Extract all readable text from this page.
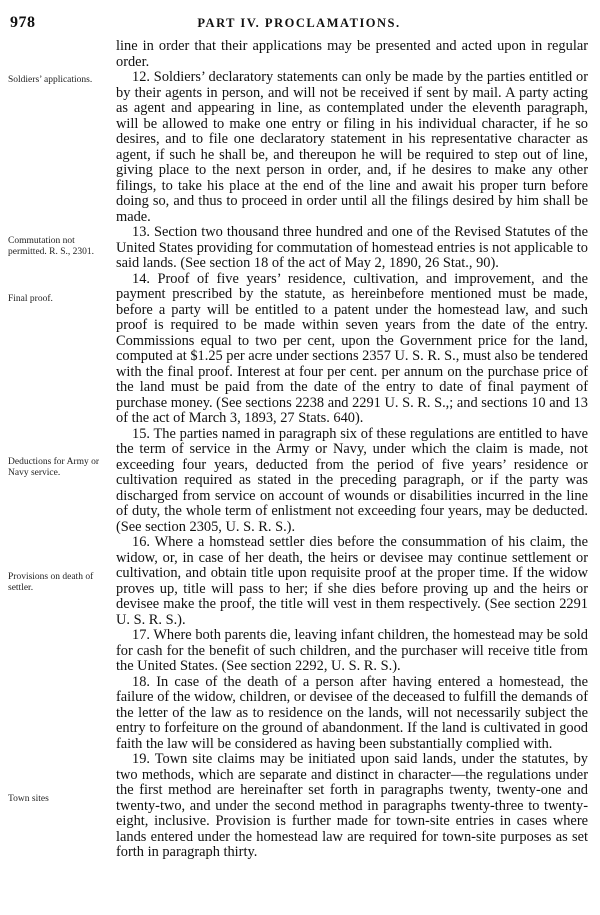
978	PART IV. PROCLAMATIONS.
Soldiers’ applications.
Commutation not permitted. R. S., 2301.
Final proof.
Deductions for Army or Navy service.
Provisions on death of settler.
Town sites

line in order that their applications may be presented and acted upon in regular order.

12. Soldiers’ declaratory statements can only be made by the parties entitled or by their agents in person, and will not be received if sent by mail. A party acting as agent and appearing in line, as contemplated under the eleventh paragraph, will be allowed to make one entry or filing in his individual character, if he so desires, and to file one declaratory statement in his representative character as agent, if such he shall be, and thereupon he will be required to step out of line, giving place to the next person in order, and, if he desires to make any other filings, to take his place at the end of the line and await his proper turn before doing so, and thus to proceed in order until all the filings desired by him shall be made.

13. Section two thousand three hundred and one of the Revised Statutes of the United States providing for commutation of homestead entries is not applicable to said lands. (See section 18 of the act of May 2, 1890, 26 Stat., 90).

14. Proof of five years’ residence, cultivation, and improvement, and the payment prescribed by the statute, as hereinbefore mentioned must be made, before a party will be entitled to a patent under the homestead law, and such proof is required to be made within seven years from the date of the entry. Commissions equal to two per cent, upon the Government price for the land, computed at $1.25 per acre under sections 2357 U. S. R. S., must also be tendered with the final proof. Interest at four per cent. per annum on the purchase price of the land must be paid from the date of the entry to date of final payment of purchase money. (See sections 2238 and 2291 U. S. R. S.,; and sections 10 and 13 of the act of March 3, 1893, 27 Stats. 640).

15. The parties named in paragraph six of these regulations are entitled to have the term of service in the Army or Navy, under which the claim is made, not exceeding four years, deducted from the period of five years’ residence or cultivation required as stated in the preceding paragraph, or if the party was discharged from service on account of wounds or disabilities incurred in the line of duty, the whole term of enlistment not exceeding four years, may be deducted. (See section 2305, U. S. R. S.).

16. Where a homstead settler dies before the consummation of his claim, the widow, or, in case of her death, the heirs or devisee may continue settlement or cultivation, and obtain title upon requisite proof at the proper time. If the widow proves up, title will pass to her; if she dies before proving up and the heirs or devisee make the proof, the title will vest in them respectively. (See section 2291 U. S. R. S.).

17. Where both parents die, leaving infant children, the homestead may be sold for cash for the benefit of such children, and the purchaser will receive title from the United States. (See section 2292, U. S. R. S.).

18. In case of the death of a person after having entered a homestead, the failure of the widow, children, or devisee of the deceased to fulfill the demands of the letter of the law as to residence on the lands, will not necessarily subject the entry to forfeiture on the ground of abandonment. If the land is cultivated in good faith the law will be considered as having been substantially complied with.

19. Town site claims may be initiated upon said lands, under the statutes, by two methods, which are separate and distinct in character—the regulations under the first method are hereinafter set forth in paragraphs twenty, twenty-one and twenty-two, and under the second method in paragraphs twenty-three to twenty-eight, inclusive. Provision is further made for town-site entries in cases where lands entered under the homestead law are required for town-site purposes as set forth in paragraph thirty.
